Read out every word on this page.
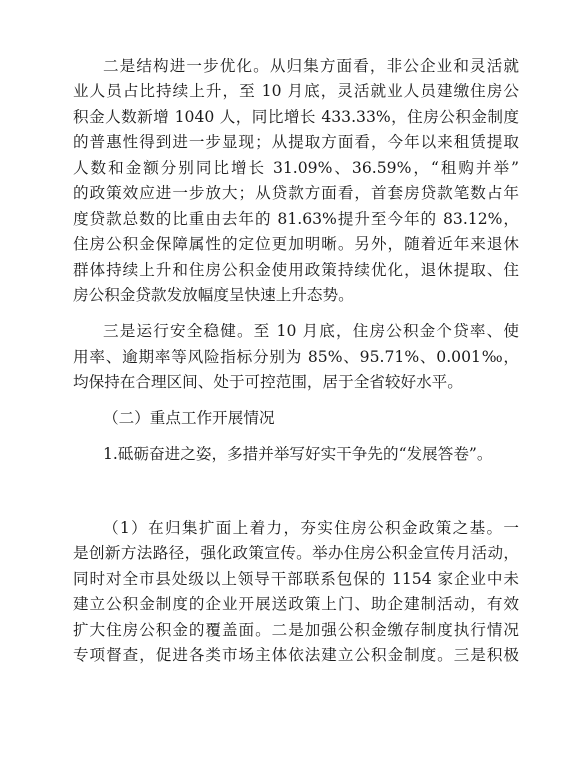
二是结构进一步优化。从归集方面看，非公企业和灵活就
业人员占比持续上升，至 10 月底，灵活就业人员建缴住房公
积金人数新增 1040 人，同比增长 433.33%，住房公积金制度
的普惠性得到进一步显现；从提取方面看，今年以来租赁提取
人数和金额分别同比增长 31.09%、36.59%，“租购并举”
的政策效应进一步放大；从贷款方面看，首套房贷款笔数占年
度贷款总数的比重由去年的 81.63%提升至今年的 83.12%，
住房公积金保障属性的定位更加明晰。另外，随着近年来退休
群体持续上升和住房公积金使用政策持续优化，退休提取、住
房公积金贷款发放幅度呈快速上升态势。
三是运行安全稳健。至 10 月底，住房公积金个贷率、使
用率、逾期率等风险指标分别为 85%、95.71%、0.001‰，
均保持在合理区间、处于可控范围，居于全省较好水平。
（二）重点工作开展情况
1.砥砺奋进之姿，多措并举写好实干争先的“发展答卷”。
（1）在归集扩面上着力，夯实住房公积金政策之基。一
是创新方法路径，强化政策宣传。举办住房公积金宣传月活动，
同时对全市县处级以上领导干部联系包保的 1154 家企业中未
建立公积金制度的企业开展送政策上门、助企建制活动，有效
扩大住房公积金的覆盖面。二是加强公积金缴存制度执行情况
专项督查，促进各类市场主体依法建立公积金制度。三是积极
